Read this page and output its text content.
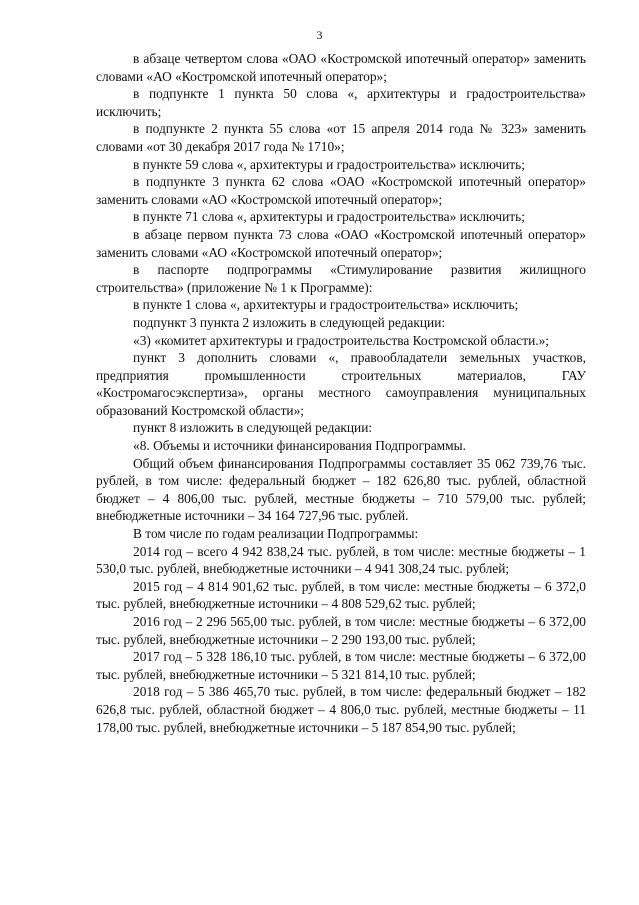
3

в абзаце четвертом слова «ОАО «Костромской ипотечный оператор» заменить словами «АО «Костромской ипотечный оператор»;

в подпункте 1 пункта 50 слова «, архитектуры и градостроительства» исключить;

в подпункте 2 пункта 55 слова «от 15 апреля 2014 года № 323» заменить словами «от 30 декабря 2017 года № 1710»;

в пункте 59 слова «, архитектуры и градостроительства» исключить;

в подпункте 3 пункта 62 слова «ОАО «Костромской ипотечный оператор» заменить словами «АО «Костромской ипотечный оператор»;

в пункте 71 слова «, архитектуры и градостроительства» исключить;

в абзаце первом пункта 73 слова «ОАО «Костромской ипотечный оператор» заменить словами «АО «Костромской ипотечный оператор»;

в паспорте подпрограммы «Стимулирование развития жилищного строительства» (приложение № 1 к Программе):

в пункте 1 слова «, архитектуры и градостроительства» исключить;

подпункт 3 пункта 2 изложить в следующей редакции:

«3) «комитет архитектуры и градостроительства Костромской области.»;

пункт 3 дополнить словами «, правообладатели земельных участков, предприятия промышленности строительных материалов, ГАУ «Костромагосэкспертиза», органы местного самоуправления муниципальных образований Костромской области»;

пункт 8 изложить в следующей редакции:

«8. Объемы и источники финансирования Подпрограммы.

Общий объем финансирования Подпрограммы составляет 35 062 739,76 тыс. рублей, в том числе: федеральный бюджет – 182 626,80 тыс. рублей, областной бюджет – 4 806,00 тыс. рублей, местные бюджеты – 710 579,00 тыс. рублей; внебюджетные источники – 34 164 727,96 тыс. рублей.

В том числе по годам реализации Подпрограммы:

2014 год – всего 4 942 838,24 тыс. рублей, в том числе: местные бюджеты – 1 530,0 тыс. рублей, внебюджетные источники – 4 941 308,24 тыс. рублей;

2015 год – 4 814 901,62 тыс. рублей, в том числе: местные бюджеты – 6 372,0 тыс. рублей, внебюджетные источники – 4 808 529,62 тыс. рублей;

2016 год – 2 296 565,00 тыс. рублей, в том числе: местные бюджеты – 6 372,00 тыс. рублей, внебюджетные источники – 2 290 193,00 тыс. рублей;

2017 год – 5 328 186,10 тыс. рублей, в том числе: местные бюджеты – 6 372,00 тыс. рублей, внебюджетные источники – 5 321 814,10 тыс. рублей;

2018 год – 5 386 465,70 тыс. рублей, в том числе: федеральный бюджет – 182 626,8 тыс. рублей, областной бюджет – 4 806,0 тыс. рублей, местные бюджеты – 11 178,00 тыс. рублей, внебюджетные источники – 5 187 854,90 тыс. рублей;
